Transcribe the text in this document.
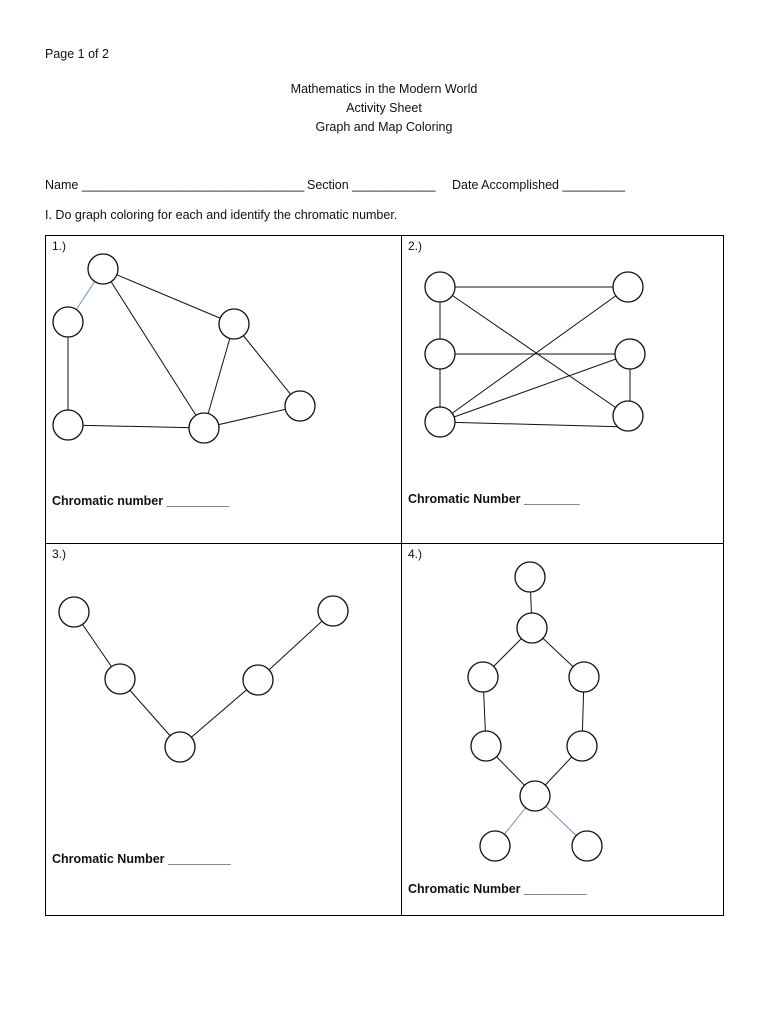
Page 1 of 2
Mathematics in the Modern World
Activity Sheet
Graph and Map Coloring
Name ________________________________ Section ____________ Date Accomplished _________
I. Do graph coloring for each and identify the chromatic number.
1.)	2.)
3.)	4.)
Chromatic number _________	Chromatic Number ________
Chromatic Number _________
Chromatic Number _________
